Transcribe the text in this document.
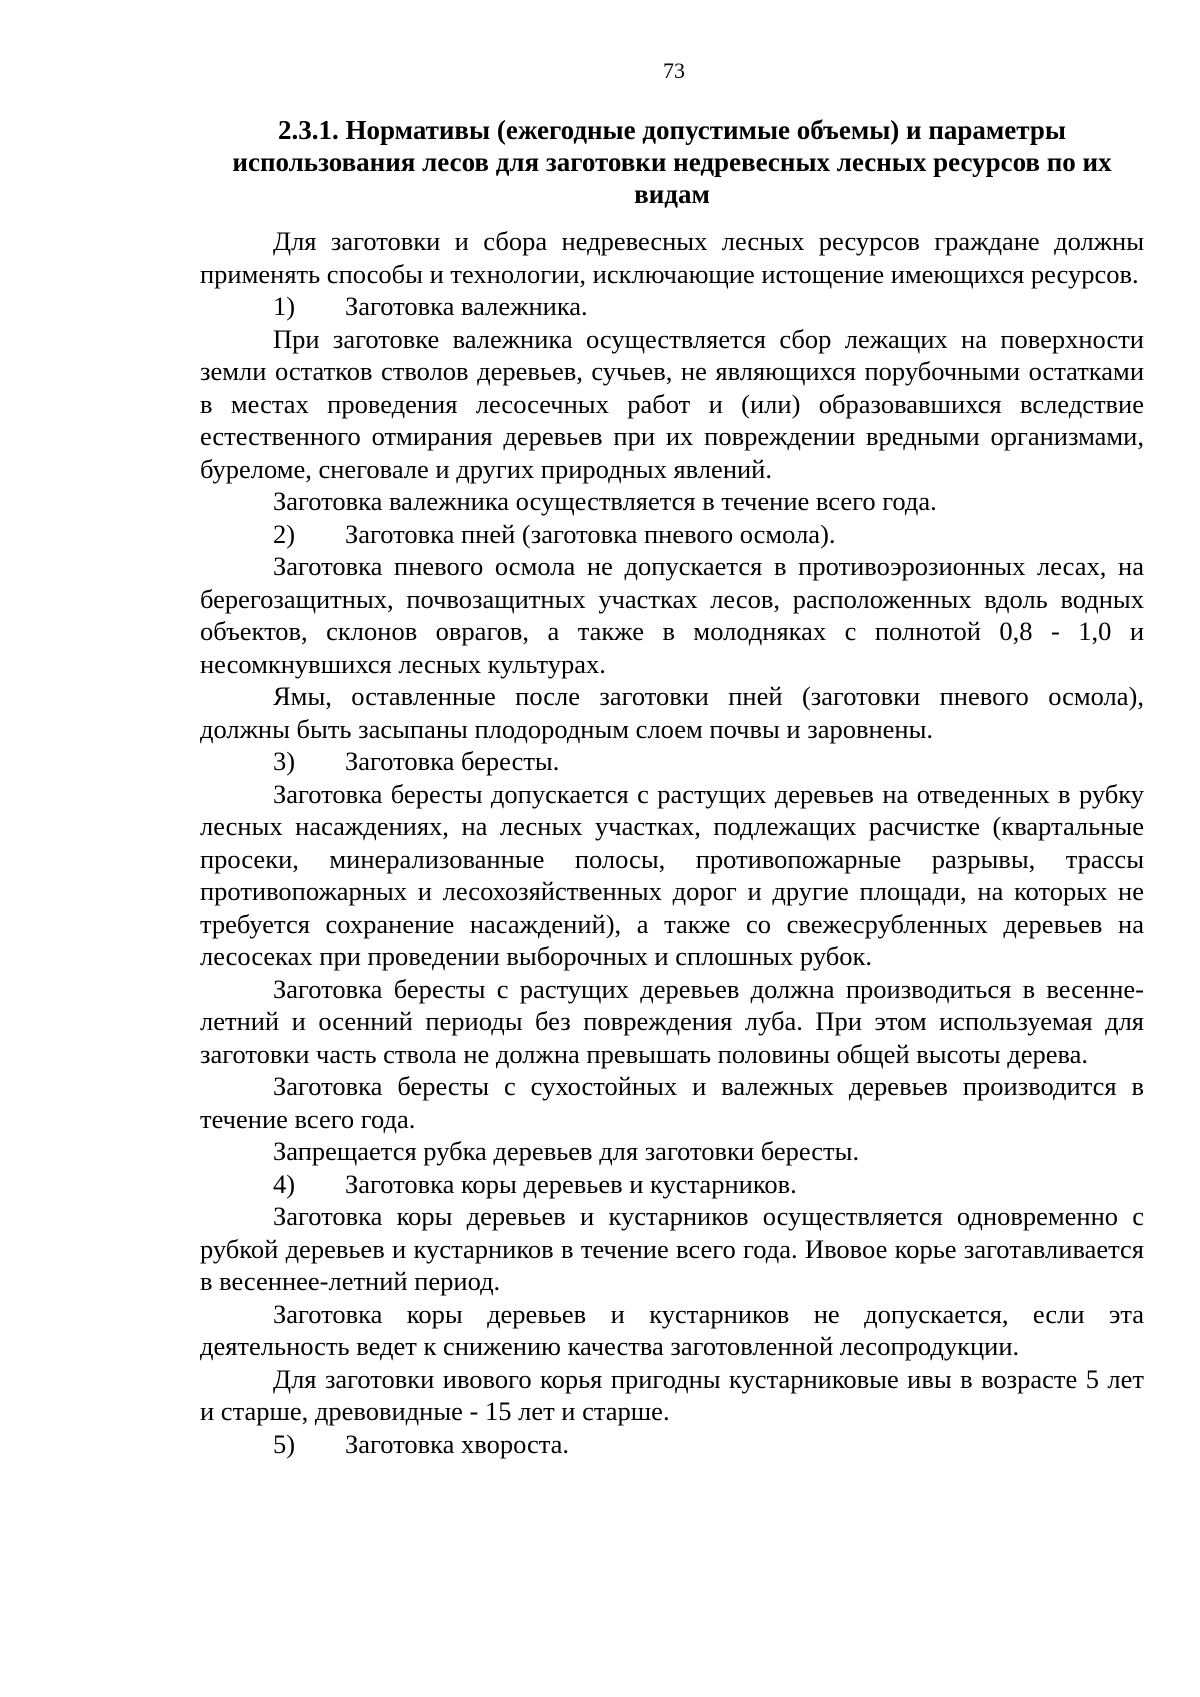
73
2.3.1. Нормативы (ежегодные допустимые объемы) и параметры
использования лесов для заготовки недревесных лесных ресурсов по их
видам

Для заготовки и сбора недревесных лесных ресурсов граждане должны применять способы и технологии, исключающие истощение имеющихся ресурсов.

1) Заготовка валежника.

При заготовке валежника осуществляется сбор лежащих на поверхности земли остатков стволов деревьев, сучьев, не являющихся порубочными остатками в местах проведения лесосечных работ и (или) образовавшихся вследствие естественного отмирания деревьев при их повреждении вредными организмами, буреломе, снеговале и других природных явлений.

Заготовка валежника осуществляется в течение всего года.

2) Заготовка пней (заготовка пневого осмола).

Заготовка пневого осмола не допускается в противоэрозионных лесах, на берегозащитных, почвозащитных участках лесов, расположенных вдоль водных объектов, склонов оврагов, а также в молодняках с полнотой 0,8 - 1,0 и несомкнувшихся лесных культурах.

Ямы, оставленные после заготовки пней (заготовки пневого осмола), должны быть засыпаны плодородным слоем почвы и заровнены.

3) Заготовка бересты.

Заготовка бересты допускается с растущих деревьев на отведенных в рубку лесных насаждениях, на лесных участках, подлежащих расчистке (квартальные просеки, минерализованные полосы, противопожарные разрывы, трассы противопожарных и лесохозяйственных дорог и другие площади, на которых не требуется сохранение насаждений), а также со свежесрубленных деревьев на лесосеках при проведении выборочных и сплошных рубок.

Заготовка бересты с растущих деревьев должна производиться в весенне-летний и осенний периоды без повреждения луба. При этом используемая для заготовки часть ствола не должна превышать половины общей высоты дерева.

Заготовка бересты с сухостойных и валежных деревьев производится в течение всего года.

Запрещается рубка деревьев для заготовки бересты.

4) Заготовка коры деревьев и кустарников.

Заготовка коры деревьев и кустарников осуществляется одновременно с рубкой деревьев и кустарников в течение всего года. Ивовое корье заготавливается в весеннее-летний период.

Заготовка коры деревьев и кустарников не допускается, если эта деятельность ведет к снижению качества заготовленной лесопродукции.

Для заготовки ивового корья пригодны кустарниковые ивы в возрасте 5 лет и старше, древовидные - 15 лет и старше.

5) Заготовка хвороста.
